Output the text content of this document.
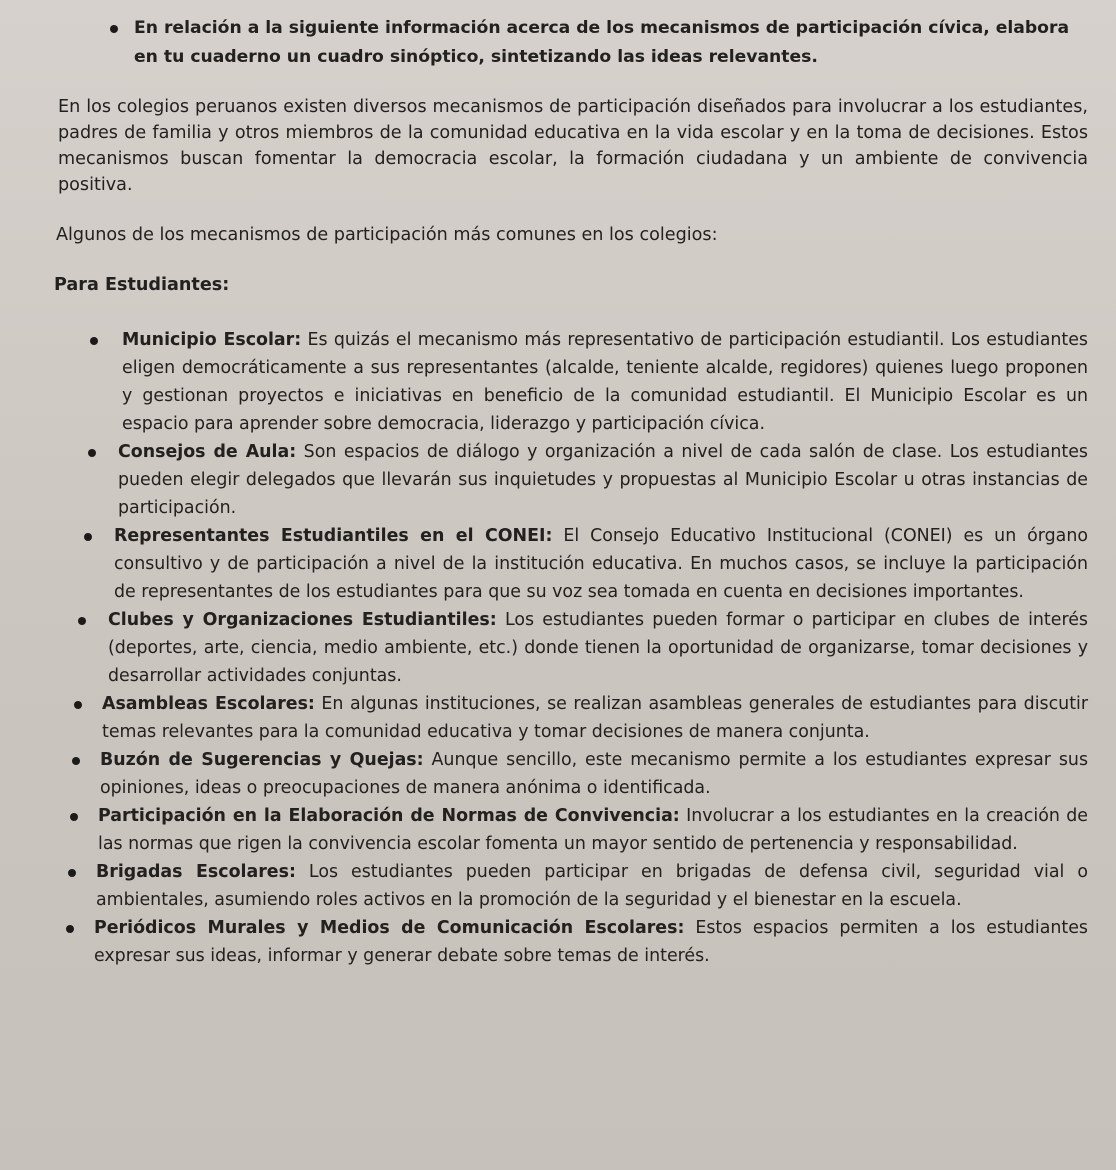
En relación a la siguiente información acerca de los mecanismos de participación cívica, elabora en tu cuaderno un cuadro sinóptico, sintetizando las ideas relevantes.

En los colegios peruanos existen diversos mecanismos de participación diseñados para involucrar a los estudiantes, padres de familia y otros miembros de la comunidad educativa en la vida escolar y en la toma de decisiones. Estos mecanismos buscan fomentar la democracia escolar, la formación ciudadana y un ambiente de convivencia positiva.

Algunos de los mecanismos de participación más comunes en los colegios:

Para Estudiantes:

Municipio Escolar: Es quizás el mecanismo más representativo de participación estudiantil. Los estudiantes eligen democráticamente a sus representantes (alcalde, teniente alcalde, regidores) quienes luego proponen y gestionan proyectos e iniciativas en beneficio de la comunidad estudiantil. El Municipio Escolar es un espacio para aprender sobre democracia, liderazgo y participación cívica.
Consejos de Aula: Son espacios de diálogo y organización a nivel de cada salón de clase. Los estudiantes pueden elegir delegados que llevarán sus inquietudes y propuestas al Municipio Escolar u otras instancias de participación.
Representantes Estudiantiles en el CONEI: El Consejo Educativo Institucional (CONEI) es un órgano consultivo y de participación a nivel de la institución educativa. En muchos casos, se incluye la participación de representantes de los estudiantes para que su voz sea tomada en cuenta en decisiones importantes.
Clubes y Organizaciones Estudiantiles: Los estudiantes pueden formar o participar en clubes de interés (deportes, arte, ciencia, medio ambiente, etc.) donde tienen la oportunidad de organizarse, tomar decisiones y desarrollar actividades conjuntas.
Asambleas Escolares: En algunas instituciones, se realizan asambleas generales de estudiantes para discutir temas relevantes para la comunidad educativa y tomar decisiones de manera conjunta.
Buzón de Sugerencias y Quejas: Aunque sencillo, este mecanismo permite a los estudiantes expresar sus opiniones, ideas o preocupaciones de manera anónima o identificada.
Participación en la Elaboración de Normas de Convivencia: Involucrar a los estudiantes en la creación de las normas que rigen la convivencia escolar fomenta un mayor sentido de pertenencia y responsabilidad.
Brigadas Escolares: Los estudiantes pueden participar en brigadas de defensa civil, seguridad vial o ambientales, asumiendo roles activos en la promoción de la seguridad y el bienestar en la escuela.
Periódicos Murales y Medios de Comunicación Escolares: Estos espacios permiten a los estudiantes expresar sus ideas, informar y generar debate sobre temas de interés.
